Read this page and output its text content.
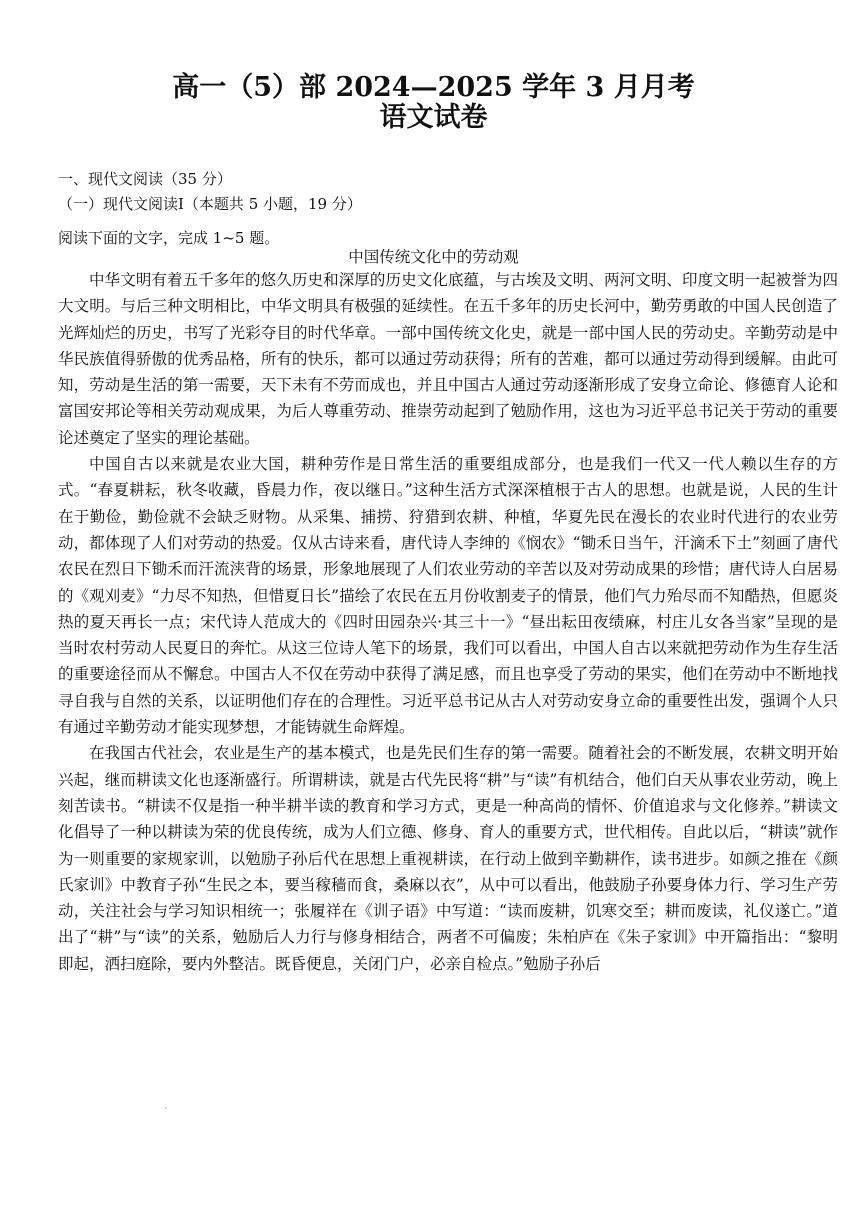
高一（5）部 2024—2025 学年 3 月月考
语文试卷
一、现代文阅读（35 分）
（一）现代文阅读Ⅰ（本题共 5 小题，19 分）
阅读下面的文字，完成 1~5 题。
中国传统文化中的劳动观

中华文明有着五千多年的悠久历史和深厚的历史文化底蕴，与古埃及文明、两河文明、印度文明一起被誉为四大文明。与后三种文明相比，中华文明具有极强的延续性。在五千多年的历史长河中，勤劳勇敢的中国人民创造了光辉灿烂的历史，书写了光彩夺目的时代华章。一部中国传统文化史，就是一部中国人民的劳动史。辛勤劳动是中华民族值得骄傲的优秀品格，所有的快乐，都可以通过劳动获得；所有的苦难，都可以通过劳动得到缓解。由此可知，劳动是生活的第一需要，天下未有不劳而成也，并且中国古人通过劳动逐渐形成了安身立命论、修德育人论和富国安邦论等相关劳动观成果，为后人尊重劳动、推崇劳动起到了勉励作用，这也为习近平总书记关于劳动的重要论述奠定了坚实的理论基础。

中国自古以来就是农业大国，耕种劳作是日常生活的重要组成部分，也是我们一代又一代人赖以生存的方式。“春夏耕耘，秋冬收藏，昏晨力作，夜以继日。”这种生活方式深深植根于古人的思想。也就是说，人民的生计在于勤俭，勤俭就不会缺乏财物。从采集、捕捞、狩猎到农耕、种植，华夏先民在漫长的农业时代进行的农业劳动，都体现了人们对劳动的热爱。仅从古诗来看，唐代诗人李绅的《悯农》“锄禾日当午，汗滴禾下土”刻画了唐代农民在烈日下锄禾而汗流浃背的场景，形象地展现了人们农业劳动的辛苦以及对劳动成果的珍惜；唐代诗人白居易的《观刈麦》“力尽不知热，但惜夏日长”描绘了农民在五月份收割麦子的情景，他们气力殆尽而不知酷热，但愿炎热的夏天再长一点；宋代诗人范成大的《四时田园杂兴·其三十一》“昼出耘田夜绩麻，村庄儿女各当家”呈现的是当时农村劳动人民夏日的奔忙。从这三位诗人笔下的场景，我们可以看出，中国人自古以来就把劳动作为生存生活的重要途径而从不懈怠。中国古人不仅在劳动中获得了满足感，而且也享受了劳动的果实，他们在劳动中不断地找寻自我与自然的关系，以证明他们存在的合理性。习近平总书记从古人对劳动安身立命的重要性出发，强调个人只有通过辛勤劳动才能实现梦想，才能铸就生命辉煌。

在我国古代社会，农业是生产的基本模式，也是先民们生存的第一需要。随着社会的不断发展，农耕文明开始兴起，继而耕读文化也逐渐盛行。所谓耕读，就是古代先民将“耕”与“读”有机结合，他们白天从事农业劳动，晚上刻苦读书。“耕读不仅是指一种半耕半读的教育和学习方式，更是一种高尚的情怀、价值追求与文化修养。”耕读文化倡导了一种以耕读为荣的优良传统，成为人们立德、修身、育人的重要方式，世代相传。自此以后，“耕读”就作为一则重要的家规家训，以勉励子孙后代在思想上重视耕读，在行动上做到辛勤耕作，读书进步。如颜之推在《颜氏家训》中教育子孙“生民之本，要当稼穑而食，桑麻以衣”，从中可以看出，他鼓励子孙要身体力行、学习生产劳动，关注社会与学习知识相统一；张履祥在《训子语》中写道：“读而废耕，饥寒交至；耕而废读，礼仪遂亡。”道出了“耕”与“读”的关系，勉励后人力行与修身相结合，两者不可偏废；朱柏庐在《朱子家训》中开篇指出：“黎明即起，洒扫庭除，要内外整洁。既昏便息，关闭门户，必亲自检点。”勉励子孙后
